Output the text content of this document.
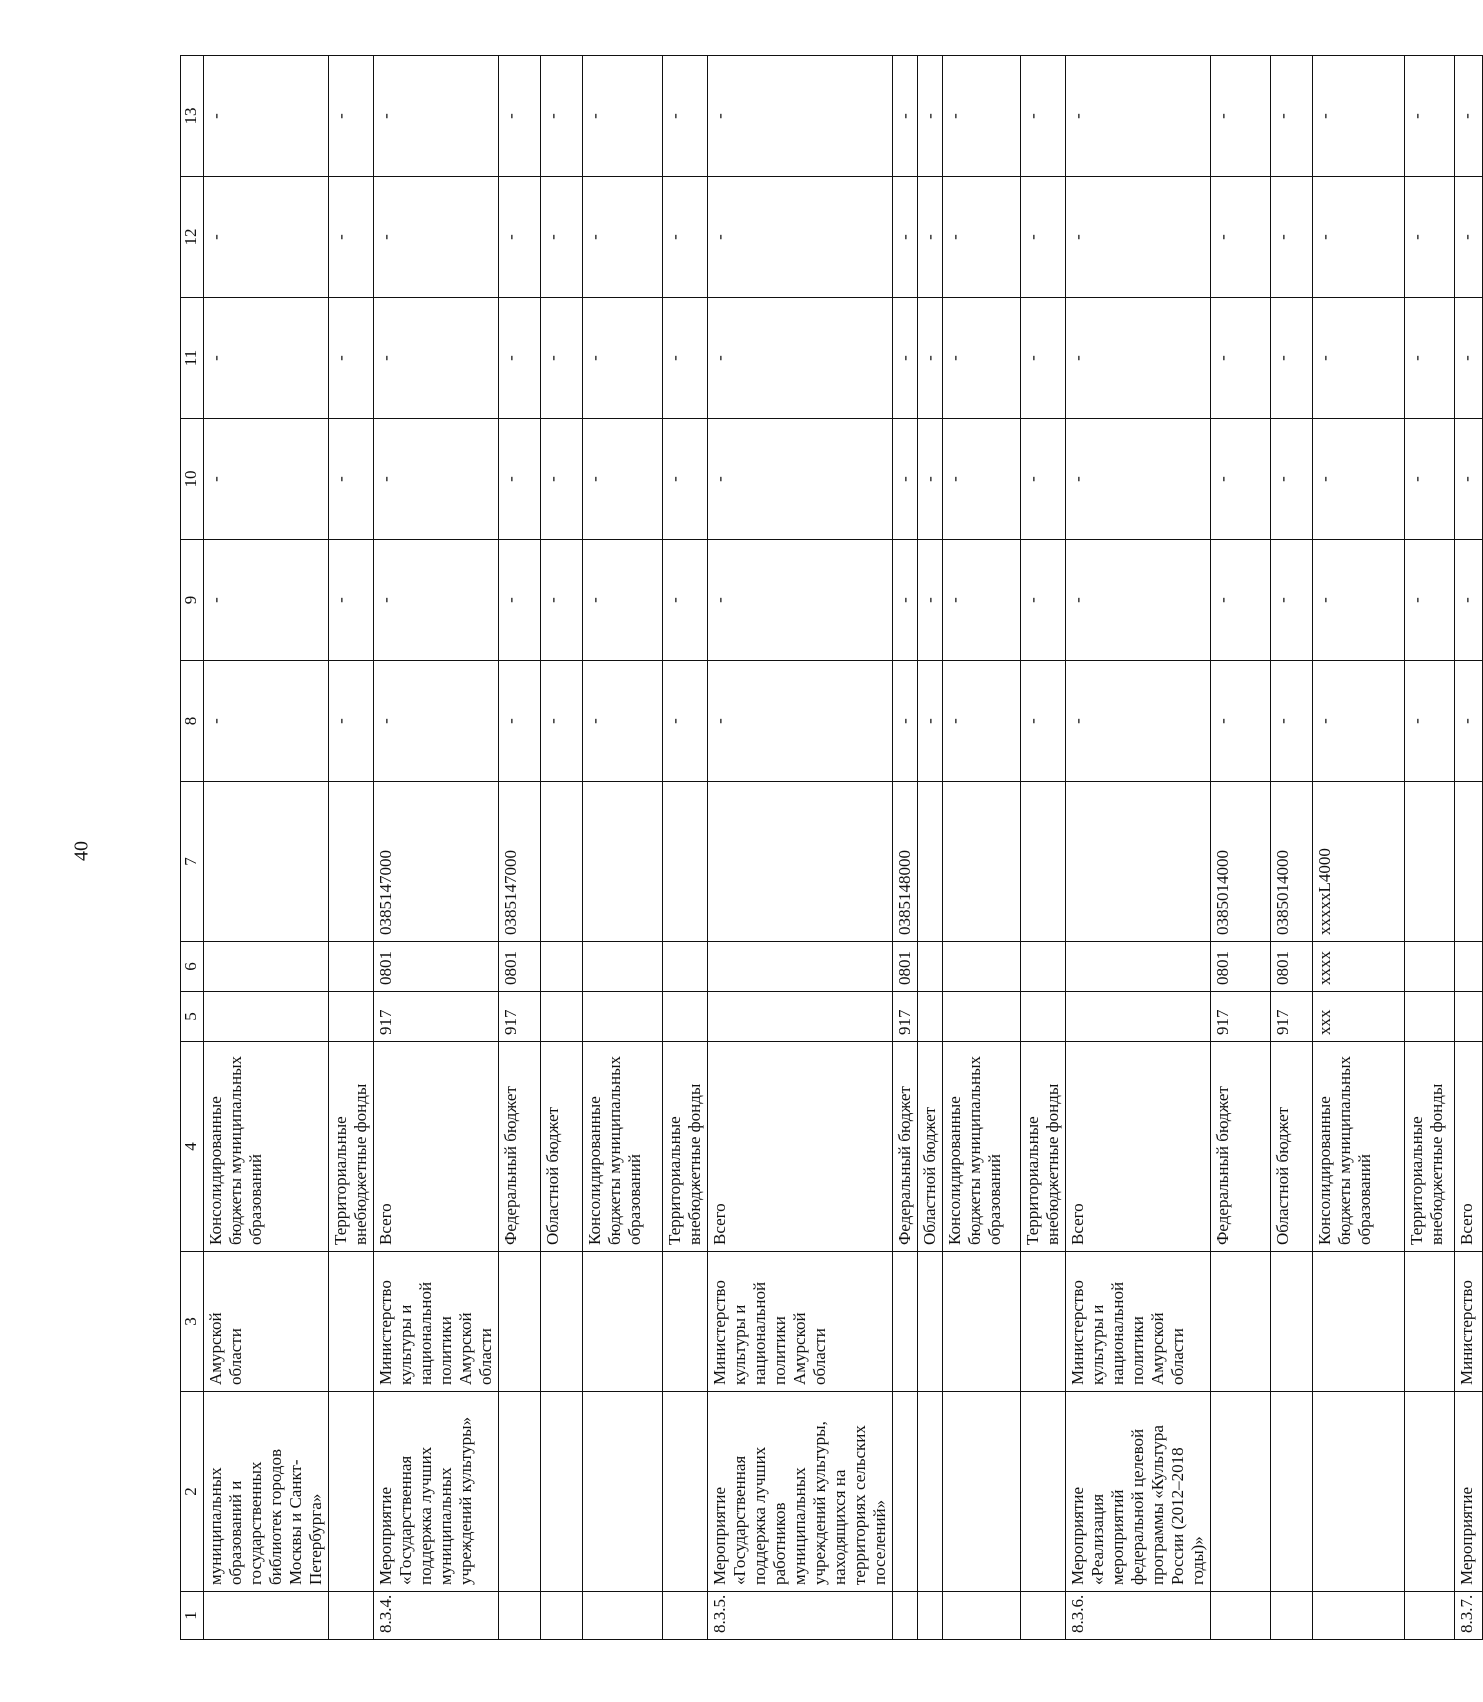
40
1	2	3	4	5	6	7	8	9	10	11	12	13
	муниципальных образований и государственных библиотек городов Москвы и Санкт-Петербурга»	Амурской области	Консолидированные бюджеты муниципальных образований				-	-	-	-	-	-
			Территориальные внебюджетные фонды				-	-	-	-	-	-
8.3.4.	Мероприятие «Государственная поддержка лучших муниципальных учреждений культуры»	Министерство культуры и национальной политики Амурской области	Всего	917	0801	0385147000	-	-	-	-	-	-
			Федеральный бюджет	917	0801	0385147000	-	-	-	-	-	-
			Областной бюджет				-	-	-	-	-	-
			Консолидированные бюджеты муниципальных образований				-	-	-	-	-	-
			Территориальные внебюджетные фонды				-	-	-	-	-	-
8.3.5.	Мероприятие «Государственная поддержка лучших работников муниципальных учреждений культуры, находящихся на территориях сельских поселений»	Министерство культуры и национальной политики Амурской области	Всего				-	-	-	-	-	-
			Федеральный бюджет	917	0801	0385148000	-	-	-	-	-	-
			Областной бюджет				-	-	-	-	-	-
			Консолидированные бюджеты муниципальных образований				-	-	-	-	-	-
			Территориальные внебюджетные фонды				-	-	-	-	-	-
8.3.6.	Мероприятие «Реализация мероприятий федеральной целевой программы «Культура России (2012–2018 годы)»	Министерство культуры и национальной политики Амурской области	Всего				-	-	-	-	-	-
			Федеральный бюджет	917	0801	0385014000	-	-	-	-	-	-
			Областной бюджет	917	0801	0385014000	-	-	-	-	-	-
			Консолидированные бюджеты муниципальных образований	xxx	xxxx	xxxxxL4000	-	-	-	-	-	-
			Территориальные внебюджетные фонды				-	-	-	-	-	-
8.3.7.	Мероприятие	Министерство	Всего				-	-	-	-	-	-
